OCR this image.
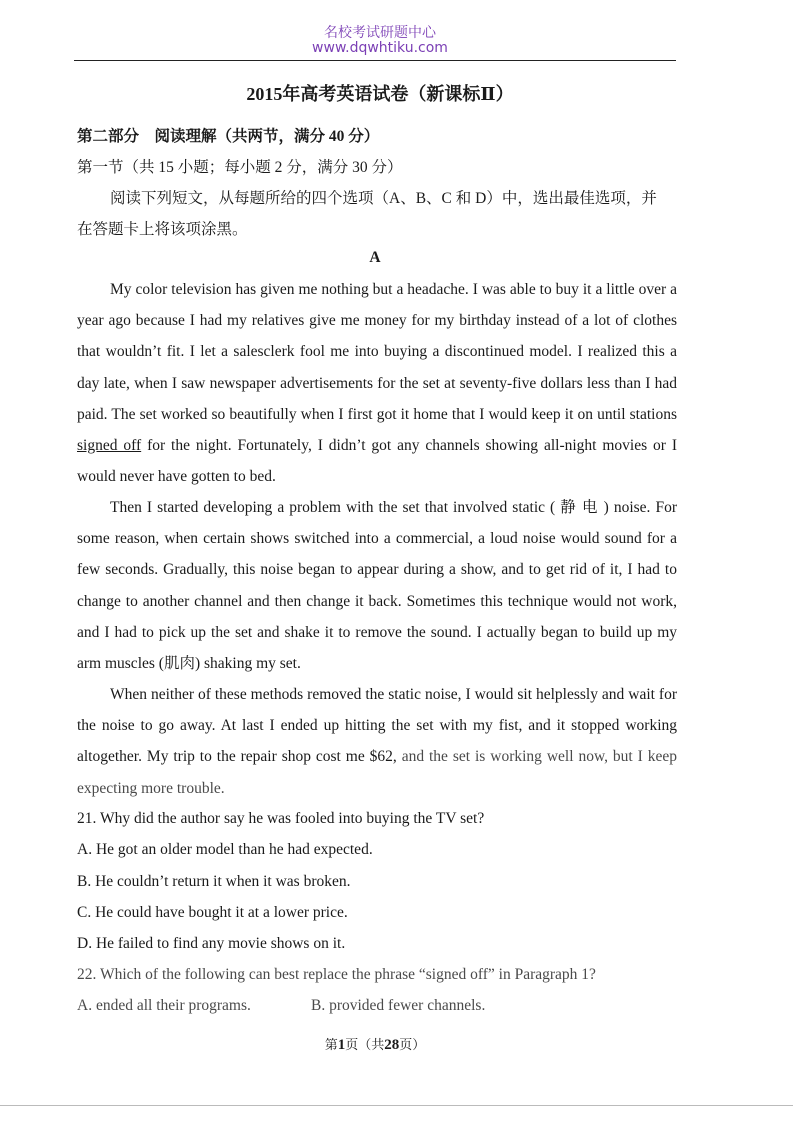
名校考试研题中心
www.dqwhtiku.com
2015年高考英语试卷（新课标Ⅱ）
第二部分　阅读理解（共两节，满分 40 分）
第一节（共 15 小题；每小题 2 分，满分 30 分）
阅读下列短文，从每题所给的四个选项（A、B、C 和 D）中，选出最佳选项，并
在答题卡上将该项涂黑。
A

My color television has given me nothing but a headache. I was able to buy it a little over a year ago because I had my relatives give me money for my birthday instead of a lot of clothes that wouldn’t fit. I let a salesclerk fool me into buying a discontinued model. I realized this a day late, when I saw newspaper advertisements for the set at seventy-five dollars less than I had paid. The set worked so beautifully when I first got it home that I would keep it on until stations signed off for the night. Fortunately, I didn’t got any channels showing all-night movies or I would never have gotten to bed.

Then I started developing a problem with the set that involved static ( 静 电 ) noise. For some reason, when certain shows switched into a commercial, a loud noise would sound for a few seconds. Gradually, this noise began to appear during a show, and to get rid of it, I had to change to another channel and then change it back. Sometimes this technique would not work, and I had to pick up the set and shake it to remove the sound. I actually began to build up my arm muscles (肌肉) shaking my set.

When neither of these methods removed the static noise, I would sit helplessly and wait for the noise to go away. At last I ended up hitting the set with my fist, and it stopped working altogether. My trip to the repair shop cost me $62, and the set is working well now, but I keep expecting more trouble.

21. Why did the author say he was fooled into buying the TV set?
A. He got an older model than he had expected.
B. He couldn’t return it when it was broken.
C. He could have bought it at a lower price.
D. He failed to find any movie shows on it.
22. Which of the following can best replace the phrase “signed off” in Paragraph 1?
A. ended all their programs.	B. provided fewer channels.
第1页（共28页）
